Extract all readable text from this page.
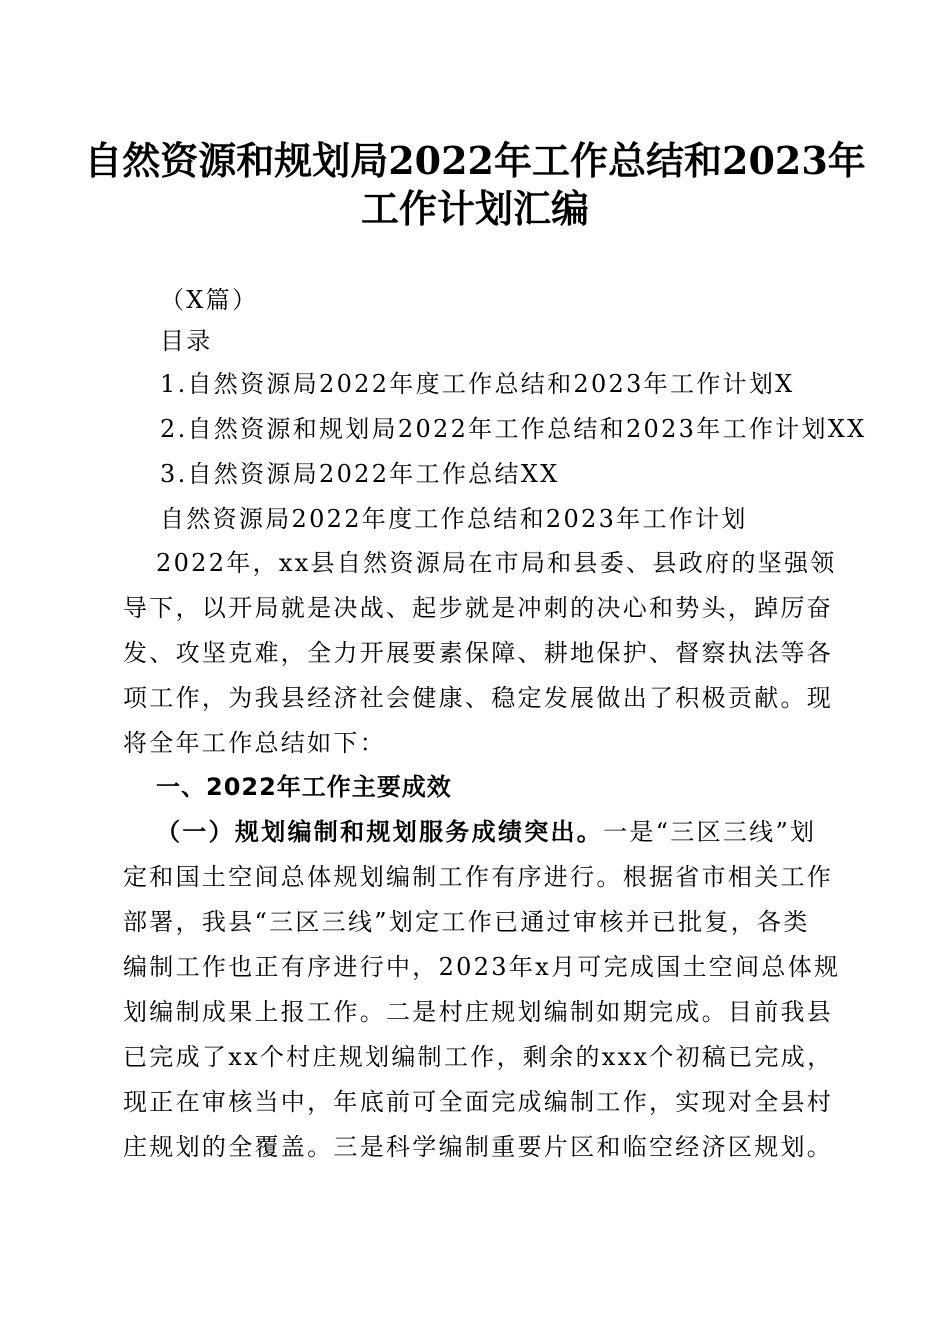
自然资源和规划局2022年工作总结和2023年
工作计划汇编
（X篇）
目录
1.自然资源局2022年度工作总结和2023年工作计划X
2.自然资源和规划局2022年工作总结和2023年工作计划XX
3.自然资源局2022年工作总结XX
自然资源局2022年度工作总结和2023年工作计划
2022年，xx县自然资源局在市局和县委、县政府的坚强领
导下，以开局就是决战、起步就是冲刺的决心和势头，踔厉奋
发、攻坚克难，全力开展要素保障、耕地保护、督察执法等各
项工作，为我县经济社会健康、稳定发展做出了积极贡献。现
将全年工作总结如下：
一、2022年工作主要成效
（一）规划编制和规划服务成绩突出。一是“三区三线”划
定和国土空间总体规划编制工作有序进行。根据省市相关工作
部署，我县“三区三线”划定工作已通过审核并已批复，各类
编制工作也正有序进行中，2023年x月可完成国土空间总体规
划编制成果上报工作。二是村庄规划编制如期完成。目前我县
已完成了xx个村庄规划编制工作，剩余的xxx个初稿已完成，
现正在审核当中，年底前可全面完成编制工作，实现对全县村
庄规划的全覆盖。三是科学编制重要片区和临空经济区规划。
